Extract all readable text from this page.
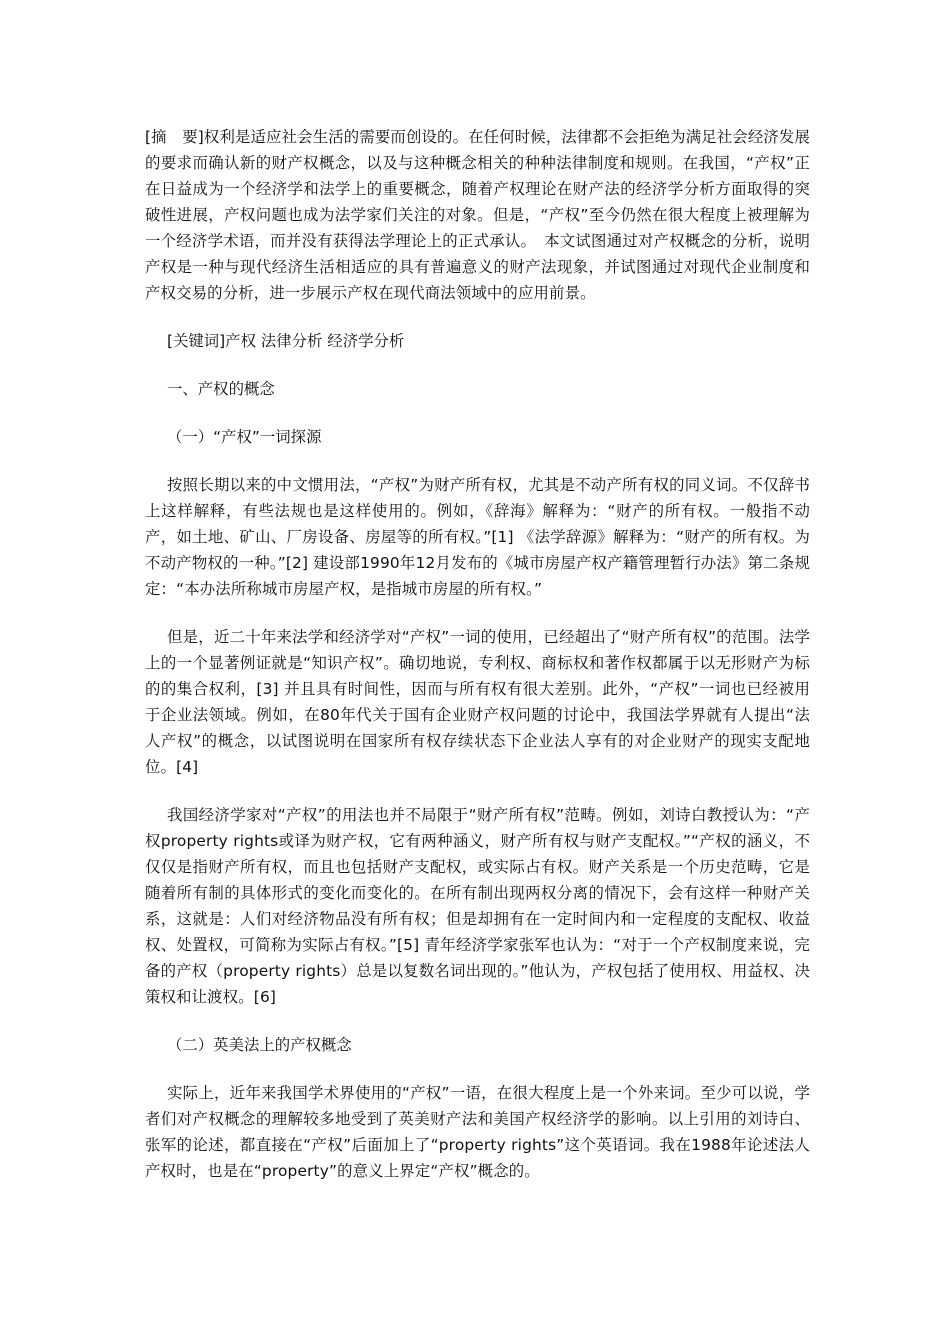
[摘　要]权利是适应社会生活的需要而创设的。在任何时候，法律都不会拒绝为满足社会经济发展的要求而确认新的财产权概念，以及与这种概念相关的种种法律制度和规则。在我国，“产权”正在日益成为一个经济学和法学上的重要概念，随着产权理论在财产法的经济学分析方面取得的突破性进展，产权问题也成为法学家们关注的对象。但是，“产权”至今仍然在很大程度上被理解为一个经济学术语，而并没有获得法学理论上的正式承认。　本文试图通过对产权概念的分析，说明产权是一种与现代经济生活相适应的具有普遍意义的财产法现象，并试图通过对现代企业制度和产权交易的分析，进一步展示产权在现代商法领域中的应用前景。

[关键词]产权 法律分析 经济学分析

一、产权的概念

（一）“产权”一词探源

按照长期以来的中文惯用法，“产权”为财产所有权，尤其是不动产所有权的同义词。不仅辞书上这样解释，有些法规也是这样使用的。例如，《辞海》解释为：“财产的所有权。一般指不动产，如土地、矿山、厂房设备、房屋等的所有权。”[1] 《法学辞源》解释为：“财产的所有权。为不动产物权的一种。”[2] 建设部1990年12月发布的《城市房屋产权产籍管理暂行办法》第二条规定：“本办法所称城市房屋产权，是指城市房屋的所有权。”

但是，近二十年来法学和经济学对“产权”一词的使用，已经超出了“财产所有权”的范围。法学上的一个显著例证就是“知识产权”。确切地说，专利权、商标权和著作权都属于以无形财产为标的的集合权利，[3] 并且具有时间性，因而与所有权有很大差别。此外，“产权”一词也已经被用于企业法领域。例如，在80年代关于国有企业财产权问题的讨论中，我国法学界就有人提出“法人产权”的概念，以试图说明在国家所有权存续状态下企业法人享有的对企业财产的现实支配地位。[4]

我国经济学家对“产权”的用法也并不局限于“财产所有权”范畴。例如，刘诗白教授认为：“产权property rights或译为财产权，它有两种涵义，财产所有权与财产支配权。”“产权的涵义，不仅仅是指财产所有权，而且也包括财产支配权，或实际占有权。财产关系是一个历史范畴，它是随着所有制的具体形式的变化而变化的。在所有制出现两权分离的情况下，会有这样一种财产关系，这就是：人们对经济物品没有所有权；但是却拥有在一定时间内和一定程度的支配权、收益权、处置权，可简称为实际占有权。”[5] 青年经济学家张军也认为：“对于一个产权制度来说，完备的产权（property rights）总是以复数名词出现的。”他认为，产权包括了使用权、用益权、决策权和让渡权。[6]

（二）英美法上的产权概念

实际上，近年来我国学术界使用的“产权”一语，在很大程度上是一个外来词。至少可以说，学者们对产权概念的理解较多地受到了英美财产法和美国产权经济学的影响。以上引用的刘诗白、张军的论述，都直接在“产权”后面加上了“property rights”这个英语词。我在1988年论述法人产权时，也是在“property”的意义上界定“产权”概念的。
